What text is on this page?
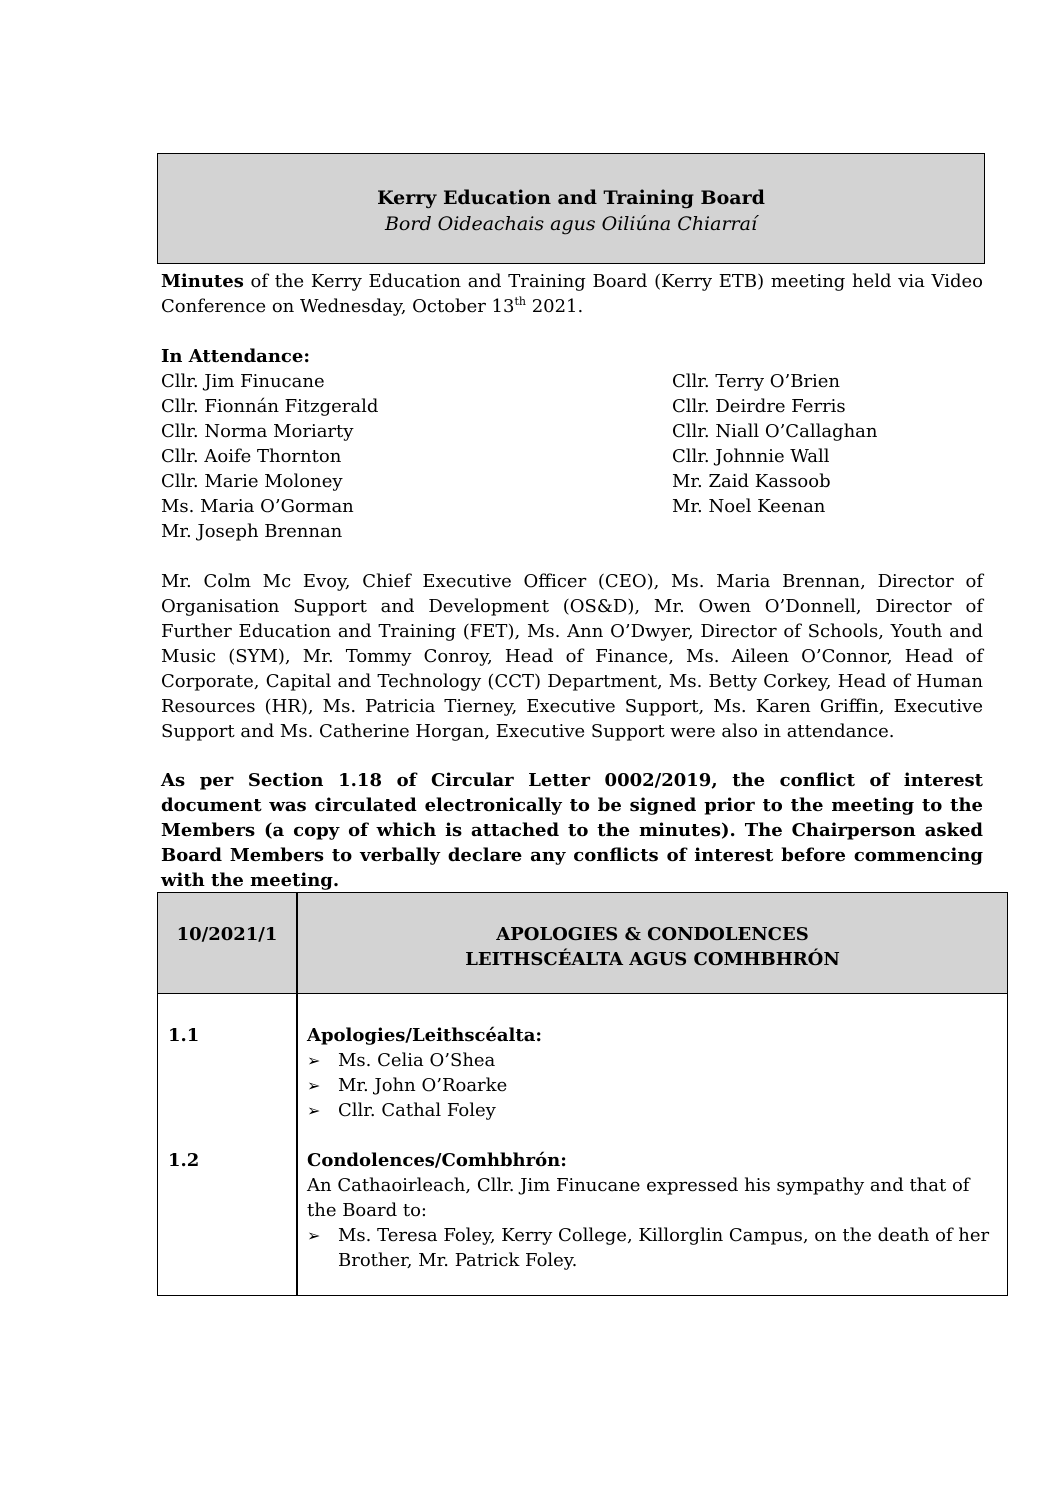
Kerry Education and Training Board
Bord Oideachais agus Oiliúna Chiarraí
Minutes of the Kerry Education and Training Board (Kerry ETB) meeting held via Video Conference on Wednesday, October 13th 2021.
In Attendance:
Cllr. Jim Finucane
Cllr. Fionnán Fitzgerald
Cllr. Norma Moriarty
Cllr. Aoife Thornton
Cllr. Marie Moloney
Ms. Maria O’Gorman
Mr. Joseph Brennan
Cllr. Terry O’Brien
Cllr. Deirdre Ferris
Cllr. Niall O’Callaghan
Cllr. Johnnie Wall
Mr. Zaid Kassoob
Mr. Noel Keenan
Mr. Colm Mc Evoy, Chief Executive Officer (CEO), Ms. Maria Brennan, Director of Organisation Support and Development (OS&D), Mr. Owen O’Donnell, Director of Further Education and Training (FET), Ms. Ann O’Dwyer, Director of Schools, Youth and Music (SYM), Mr. Tommy Conroy, Head of Finance, Ms. Aileen O’Connor, Head of Corporate, Capital and Technology (CCT) Department, Ms. Betty Corkey, Head of Human Resources (HR), Ms. Patricia Tierney, Executive Support, Ms. Karen Griffin, Executive Support and Ms. Catherine Horgan, Executive Support were also in attendance.
As per Section 1.18 of Circular Letter 0002/2019, the conflict of interest document was circulated electronically to be signed prior to the meeting to the Members (a copy of which is attached to the minutes). The Chairperson asked Board Members to verbally declare any conflicts of interest before commencing with the meeting.
10/2021/1	APOLOGIES & CONDOLENCES
LEITHSCÉALTA AGUS COMHBHRÓN
1.1	Apologies/Leithscéalta:
➢ Ms. Celia O’Shea
➢ Mr. John O’Roarke
➢ Cllr. Cathal Foley
1.2	Condolences/Comhbhrón:
An Cathaoirleach, Cllr. Jim Finucane expressed his sympathy and that of the Board to:
➢ Ms. Teresa Foley, Kerry College, Killorglin Campus, on the death of her Brother, Mr. Patrick Foley.
